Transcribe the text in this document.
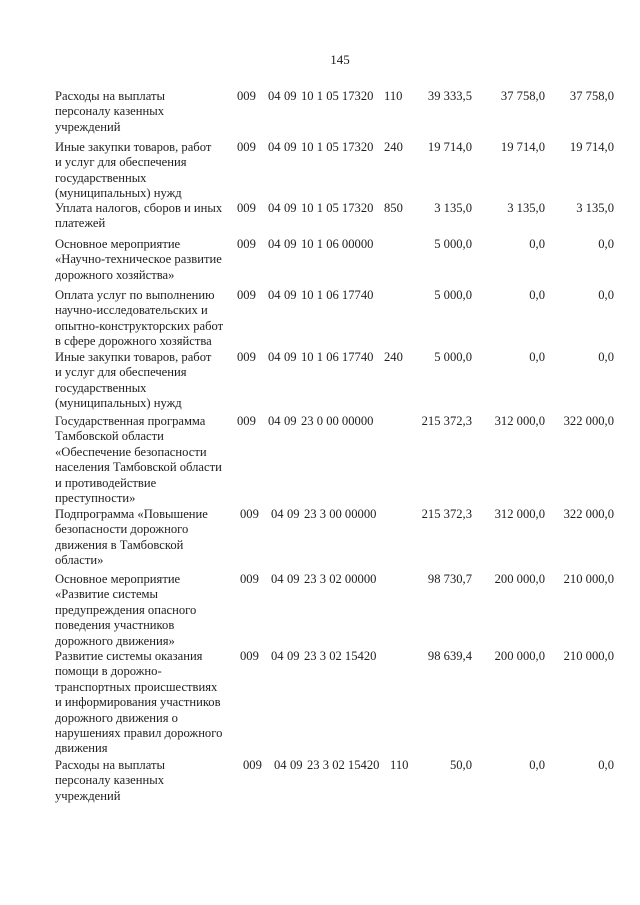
145
Расходы на выплаты
персоналу казенных
учреждений
009 04 09 10 1 05 17320 110	39 333,5	37 758,0	37 758,0
Иные закупки товаров, работ
и услуг для обеспечения
государственных
(муниципальных) нужд
009 04 09 10 1 05 17320 240	19 714,0	19 714,0	19 714,0
Уплата налогов, сборов и иных
платежей
009 04 09 10 1 05 17320 850	3 135,0	3 135,0	3 135,0
Основное мероприятие
«Научно-техническое развитие
дорожного хозяйства»
009 04 09 10 1 06 00000	5 000,0	0,0	0,0
Оплата услуг по выполнению
научно-исследовательских и
опытно-конструкторских работ
в сфере дорожного хозяйства
009 04 09 10 1 06 17740	5 000,0	0,0	0,0
Иные закупки товаров, работ
и услуг для обеспечения
государственных
(муниципальных) нужд
009 04 09 10 1 06 17740 240	5 000,0	0,0	0,0
Государственная программа
Тамбовской области
«Обеспечение безопасности
населения Тамбовской области
и противодействие
преступности»
009 04 09 23 0 00 00000	215 372,3	312 000,0	322 000,0
Подпрограмма «Повышение
безопасности дорожного
движения в Тамбовской
области»
009 04 09 23 3 00 00000	215 372,3	312 000,0	322 000,0
Основное мероприятие
«Развитие системы
предупреждения опасного
поведения участников
дорожного движения»
009 04 09 23 3 02 00000	98 730,7	200 000,0	210 000,0
Развитие системы оказания
помощи в дорожно-
транспортных происшествиях
и информирования участников
дорожного движения о
нарушениях правил дорожного
движения
009 04 09 23 3 02 15420	98 639,4	200 000,0	210 000,0
Расходы на выплаты
персоналу казенных
учреждений
009 04 09 23 3 02 15420 110	50,0	0,0	0,0
